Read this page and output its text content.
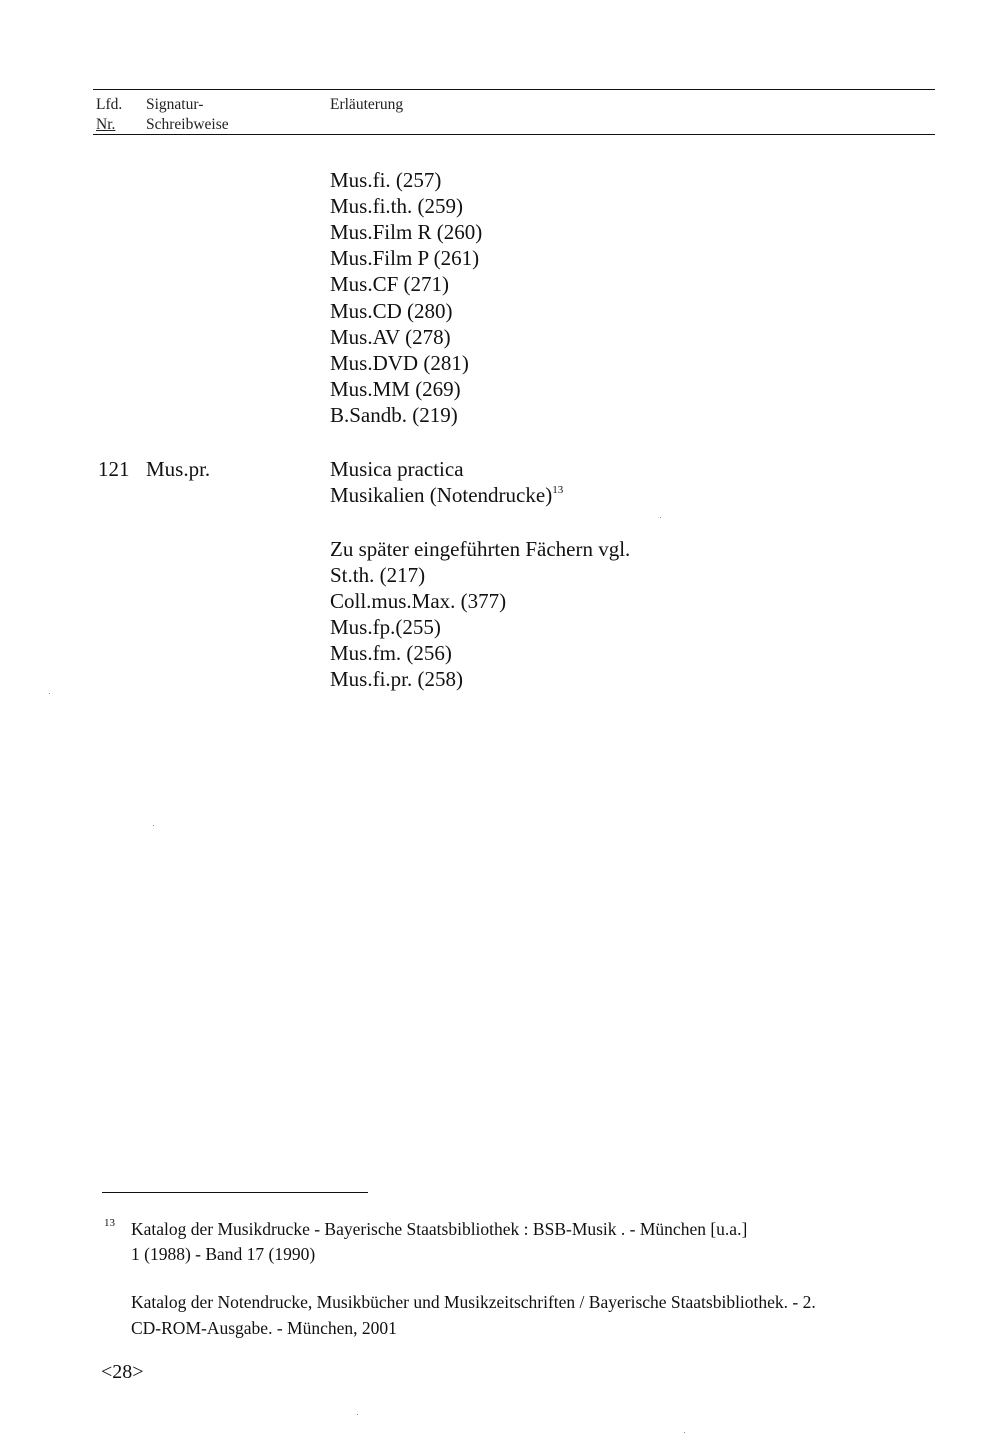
Lfd.
Nr.
Signatur-
Schreibweise
Erläuterung
Mus.fi. (257)
Mus.fi.th. (259)
Mus.Film R (260)
Mus.Film P (261)
Mus.CF (271)
Mus.CD (280)
Mus.AV (278)
Mus.DVD (281)
Mus.MM (269)
B.Sandb. (219)
121 Mus.pr.	Musica practica
Musikalien (Notendrucke)$^{13}$
Zu später eingeführten Fächern vgl.
St.th. (217)
Coll.mus.Max. (377)
Mus.fp.(255)
Mus.fm. (256)
Mus.fi.pr. (258)
13 Katalog der Musikdrucke - Bayerische Staatsbibliothek : BSB-Musik . - München [u.a.]
1 (1988) - Band 17 (1990)
Katalog der Notendrucke, Musikbücher und Musikzeitschriften / Bayerische Staatsbibliothek. - 2.
CD-ROM-Ausgabe. - München, 2001
<28>
